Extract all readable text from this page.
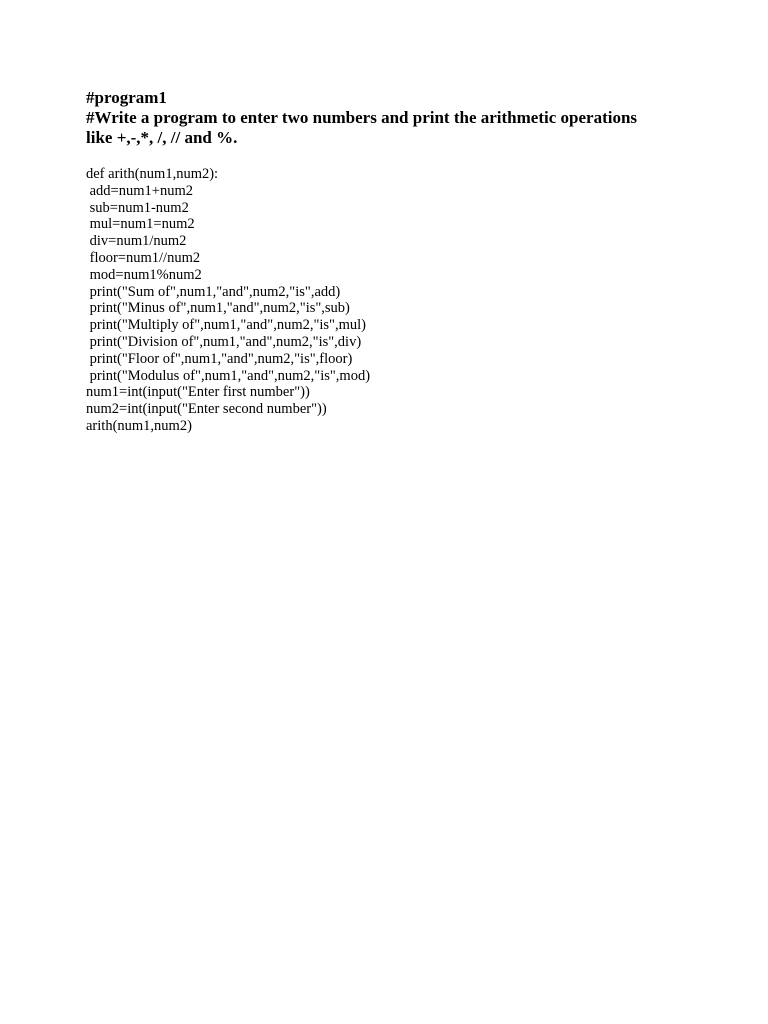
#program1

#Write a program to enter two numbers and print the arithmetic operations

like +,-,*, /, // and %.

def arith(num1,num2):
add=num1+num2
sub=num1-num2
mul=num1=num2
div=num1/num2
floor=num1//num2
mod=num1%num2
print("Sum of",num1,"and",num2,"is",add)
print("Minus of",num1,"and",num2,"is",sub)
print("Multiply of",num1,"and",num2,"is",mul)
print("Division of",num1,"and",num2,"is",div)
print("Floor of",num1,"and",num2,"is",floor)
print("Modulus of",num1,"and",num2,"is",mod)
num1=int(input("Enter first number"))
num2=int(input("Enter second number"))
arith(num1,num2)
